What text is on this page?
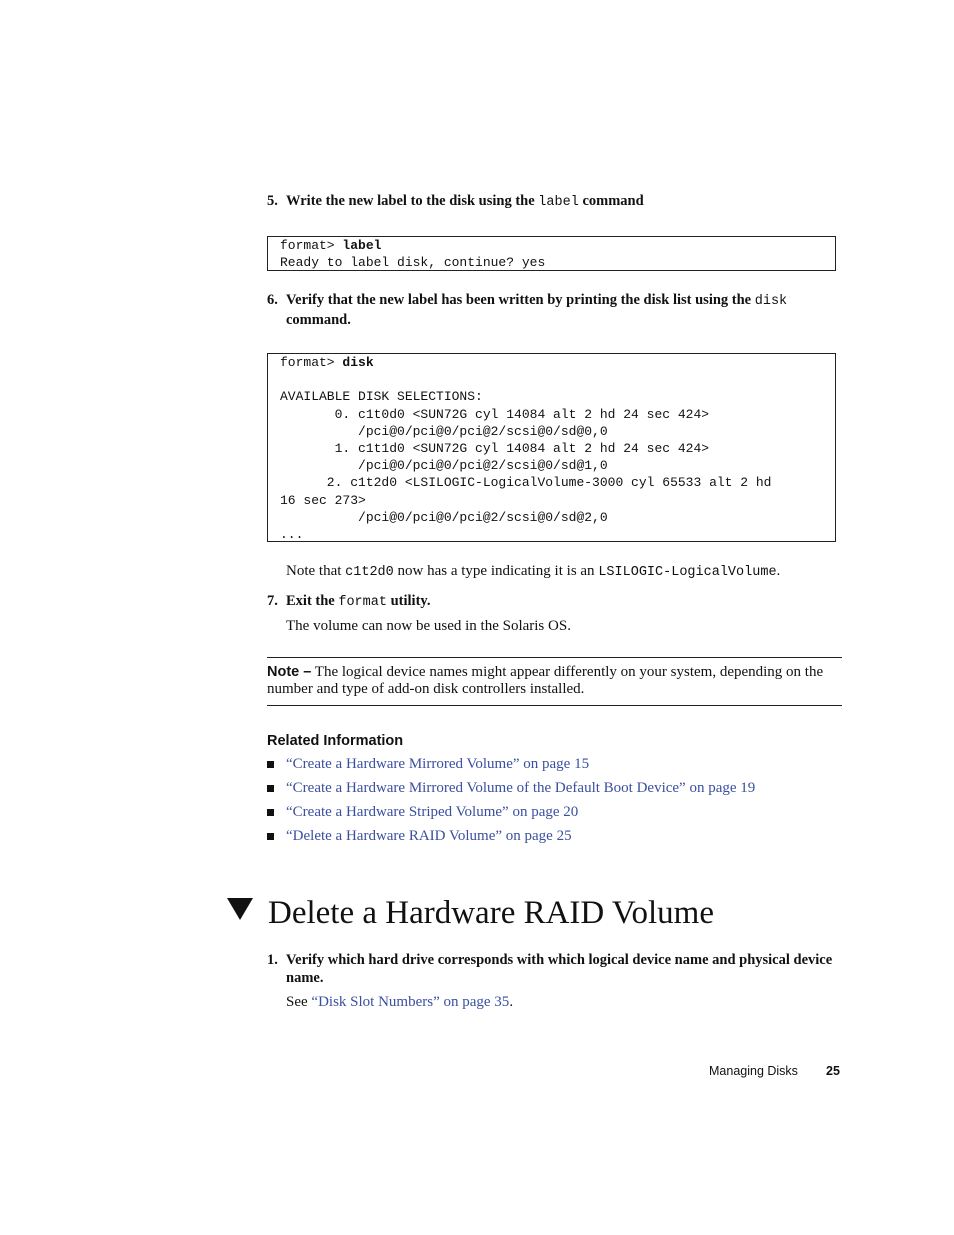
5. Write the new label to the disk using the label command
format> label
Ready to label disk, continue? yes
6. Verify that the new label has been written by printing the disk list using the disk command.
format> disk

AVAILABLE DISK SELECTIONS:
0. c1t0d0 <SUN72G cyl 14084 alt 2 hd 24 sec 424>
/pci@0/pci@0/pci@2/scsi@0/sd@0,0
1. c1t1d0 <SUN72G cyl 14084 alt 2 hd 24 sec 424>
/pci@0/pci@0/pci@2/scsi@0/sd@1,0
2. c1t2d0 <LSILOGIC-LogicalVolume-3000 cyl 65533 alt 2 hd
16 sec 273>
/pci@0/pci@0/pci@2/scsi@0/sd@2,0
...
Note that c1t2d0 now has a type indicating it is an LSILOGIC-LogicalVolume.
7. Exit the format utility.
The volume can now be used in the Solaris OS.
Note – The logical device names might appear differently on your system, depending on the number and type of add-on disk controllers installed.
Related Information
“Create a Hardware Mirrored Volume” on page 15
“Create a Hardware Mirrored Volume of the Default Boot Device” on page 19
“Create a Hardware Striped Volume” on page 20
“Delete a Hardware RAID Volume” on page 25
Delete a Hardware RAID Volume
1. Verify which hard drive corresponds with which logical device name and physical device name.
See “Disk Slot Numbers” on page 35.
Managing Disks 25
